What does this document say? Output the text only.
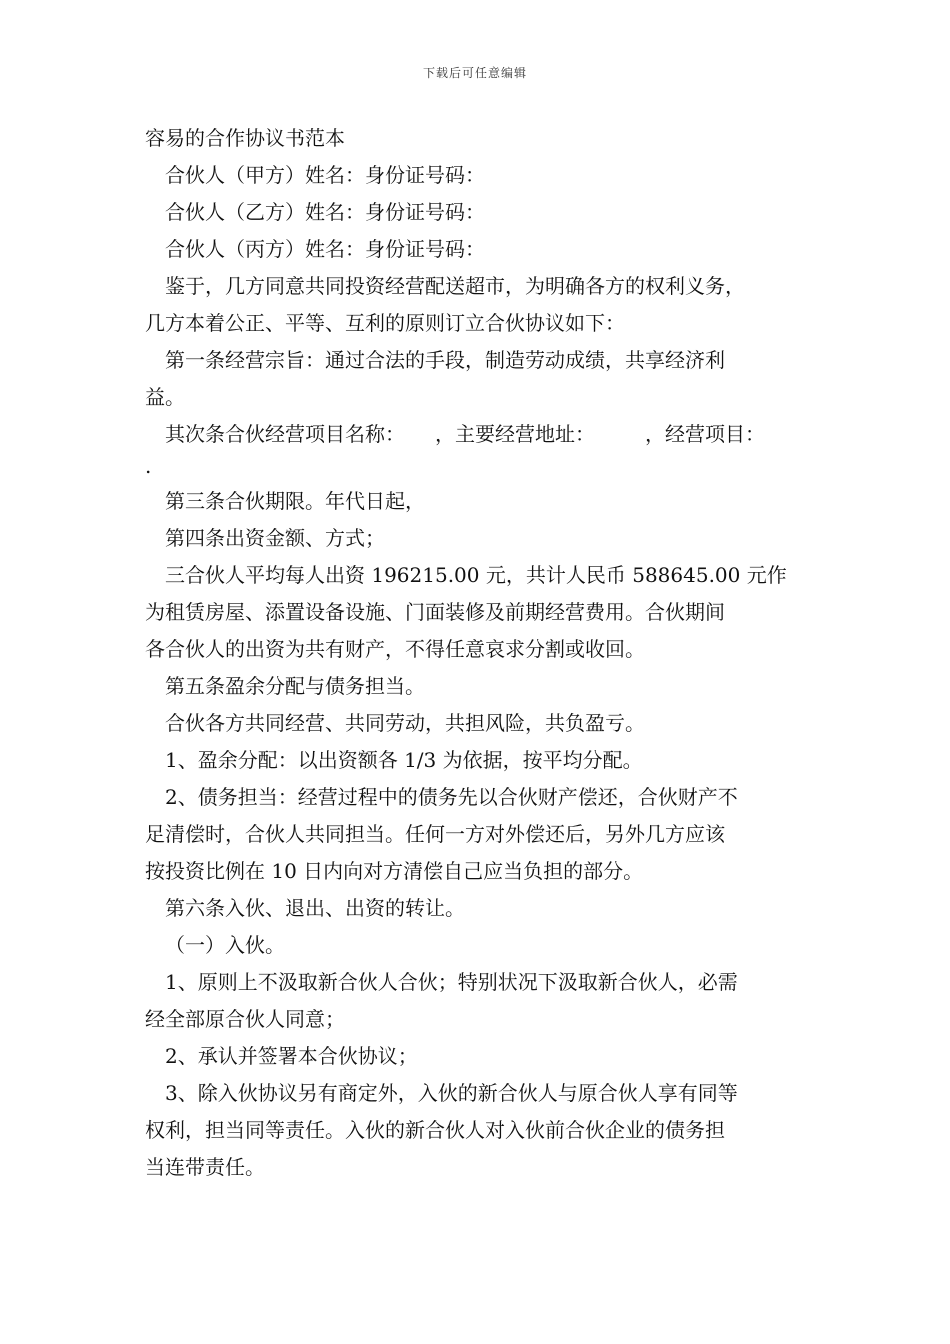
下载后可任意编辑
容易的合作协议书范本
合伙人（甲方）姓名：身份证号码：
合伙人（乙方）姓名：身份证号码：
合伙人（丙方）姓名：身份证号码：
鉴于，几方同意共同投资经营配送超市，为明确各方的权利义务，
几方本着公正、平等、互利的原则订立合伙协议如下：
第一条经营宗旨：通过合法的手段，制造劳动成绩，共享经济利
益。
其次条合伙经营项目名称：　　，主要经营地址：　　　，经营项目：
.
第三条合伙期限。年代日起，
第四条出资金额、方式；
三合伙人平均每人出资 196215.00 元，共计人民币 588645.00 元作
为租赁房屋、添置设备设施、门面装修及前期经营费用。合伙期间
各合伙人的出资为共有财产，不得任意哀求分割或收回。
第五条盈余分配与债务担当。
合伙各方共同经营、共同劳动，共担风险，共负盈亏。
1、盈余分配：以出资额各 1/3 为依据，按平均分配。
2、债务担当：经营过程中的债务先以合伙财产偿还，合伙财产不
足清偿时，合伙人共同担当。任何一方对外偿还后，另外几方应该
按投资比例在 10 日内向对方清偿自己应当负担的部分。
第六条入伙、退出、出资的转让。
（一）入伙。
1、原则上不汲取新合伙人合伙；特别状况下汲取新合伙人，必需
经全部原合伙人同意；
2、承认并签署本合伙协议；
3、除入伙协议另有商定外，入伙的新合伙人与原合伙人享有同等
权利，担当同等责任。入伙的新合伙人对入伙前合伙企业的债务担
当连带责任。
